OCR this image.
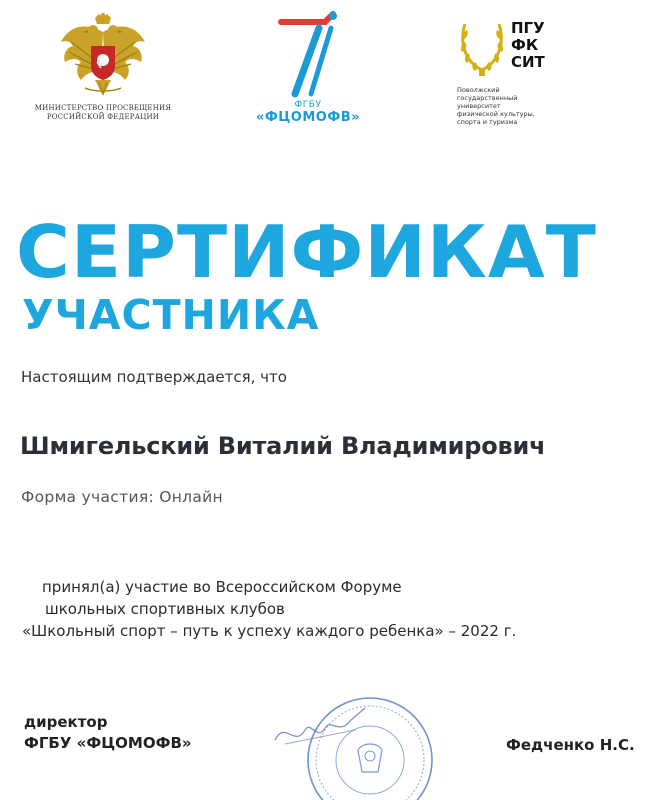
МИНИСТЕРСТВО ПРОСВЕЩЕНИЯ
РОССИЙСКОЙ ФЕДЕРАЦИИ
ФГБУ
«ФЦОМОФВ»
ПГУ
ФК
СИТ
Поволжский
государственный
университет
физической культуры,
спорта и туризма
СЕРТИФИКАТ
УЧАСТНИКА
Настоящим подтверждается, что
Шмигельский Виталий Владимирович
Форма участия: Онлайн
принял(а) участие во Всероссийском Форуме
школьных спортивных клубов
«Школьный спорт – путь к успеху каждого ребенка» – 2022 г.
директор
ФГБУ «ФЦОМОФВ»	Федченко Н.С.
